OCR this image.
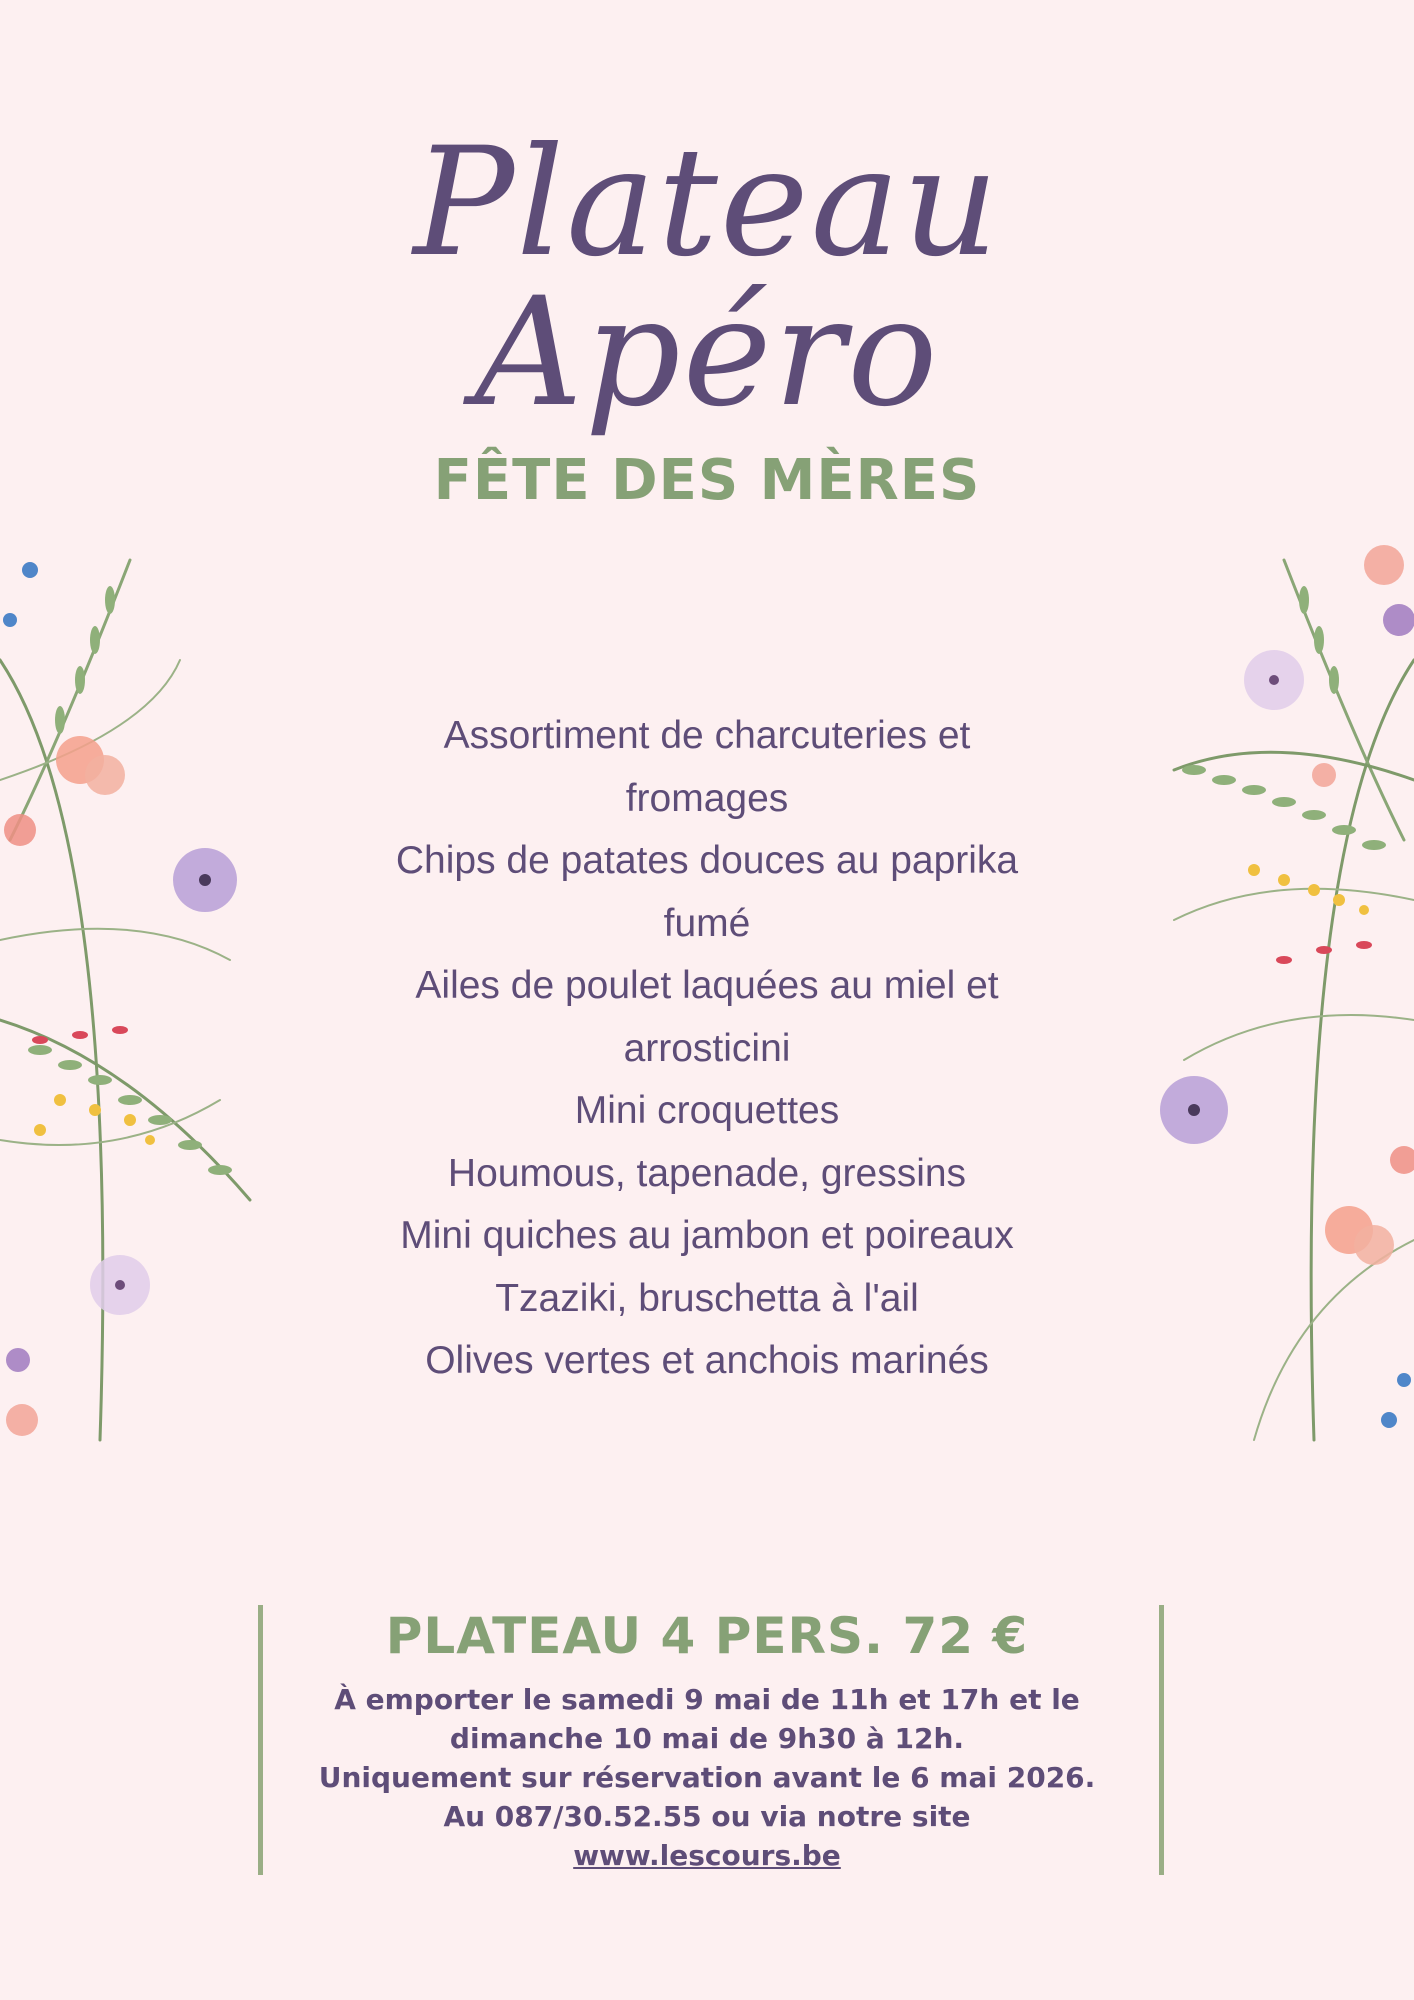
Plateau
Apéro
FÊTE DES MÈRES
Assortiment de charcuteries et
fromages
Chips de patates douces au paprika
fumé
Ailes de poulet laquées au miel et
arrosticini
Mini croquettes
Houmous, tapenade, gressins
Mini quiches au jambon et poireaux
Tzaziki, bruschetta à l'ail
Olives vertes et anchois marinés
PLATEAU 4 PERS. 72 €
À emporter le samedi 9 mai de 11h et 17h et le
dimanche 10 mai de 9h30 à 12h.
Uniquement sur réservation avant le 6 mai 2026.
Au 087/30.52.55 ou via notre site
www.lescours.be
